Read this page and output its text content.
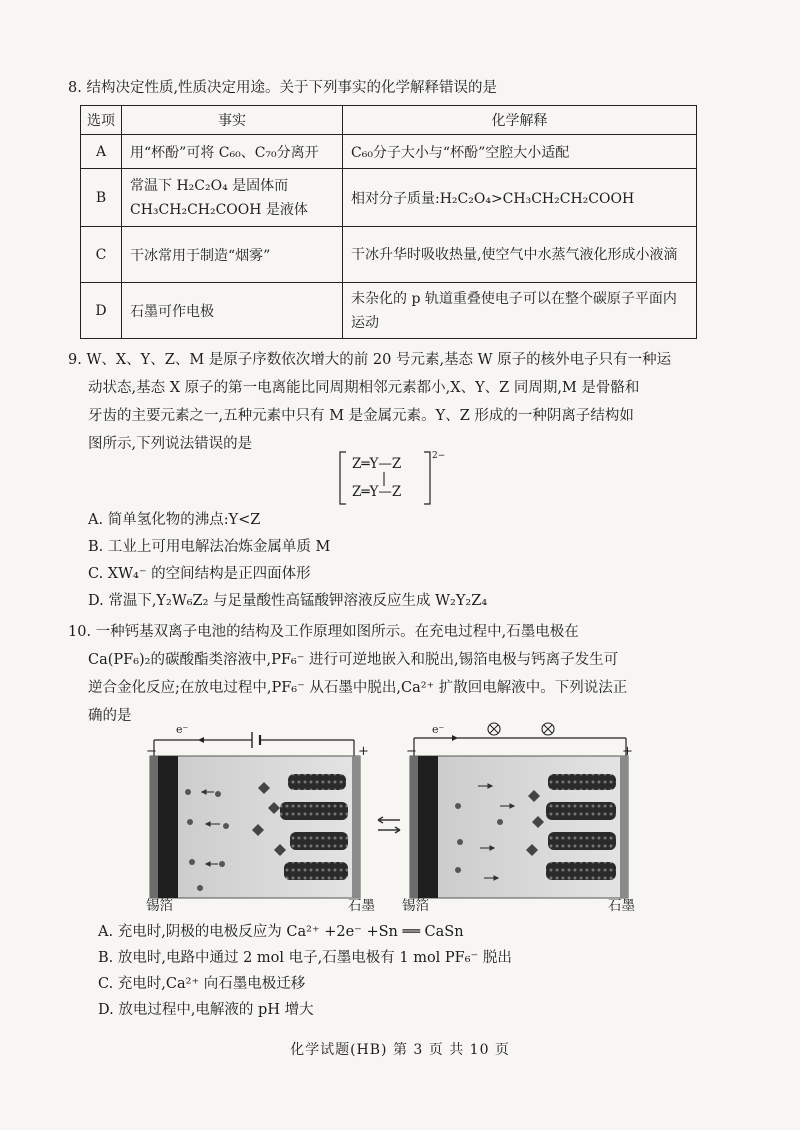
8. 结构决定性质,性质决定用途。关于下列事实的化学解释错误的是
选项	事实	化学解释
A	用“杯酚”可将 C₆₀、C₇₀分离开	C₆₀分子大小与“杯酚”空腔大小适配
B	常温下 H₂C₂O₄ 是固体而 CH₃CH₂CH₂COOH 是液体	相对分子质量:H₂C₂O₄>CH₃CH₂CH₂COOH
C	干冰常用于制造“烟雾”	干冰升华时吸收热量,使空气中水蒸气液化形成小液滴
D	石墨可作电极	未杂化的 p 轨道重叠使电子可以在整个碳原子平面内运动
9. W、X、Y、Z、M 是原子序数依次增大的前 20 号元素,基态 W 原子的核外电子只有一种运
动状态,基态 X 原子的第一电离能比同周期相邻元素都小,X、Y、Z 同周期,M 是骨骼和
牙齿的主要元素之一,五种元素中只有 M 是金属元素。Y、Z 形成的一种阴离子结构如
图所示,下列说法错误的是
Z═Y—Z
Z═Y—Z
2−
A. 简单氢化物的沸点:Y<Z
B. 工业上可用电解法冶炼金属单质 M
C. XW₄⁻ 的空间结构是正四面体形
D. 常温下,Y₂W₆Z₂ 与足量酸性高锰酸钾溶液反应生成 W₂Y₂Z₄
10. 一种钙基双离子电池的结构及工作原理如图所示。在充电过程中,石墨电极在
Ca(PF₆)₂的碳酸酯类溶液中,PF₆⁻ 进行可逆地嵌入和脱出,锡箔电极与钙离子发生可
逆合金化反应;在放电过程中,PF₆⁻ 从石墨中脱出,Ca²⁺ 扩散回电解液中。下列说法正
确的是
e⁻
−	+
e⁻
−	+
锡箔	石墨 锡箔	石墨
A. 充电时,阴极的电极反应为 Ca²⁺ +2e⁻ +Sn ══ CaSn
B. 放电时,电路中通过 2 mol 电子,石墨电极有 1 mol PF₆⁻ 脱出
C. 充电时,Ca²⁺ 向石墨电极迁移
D. 放电过程中,电解液的 pH 增大
化学试题(HB) 第 3 页 共 10 页
